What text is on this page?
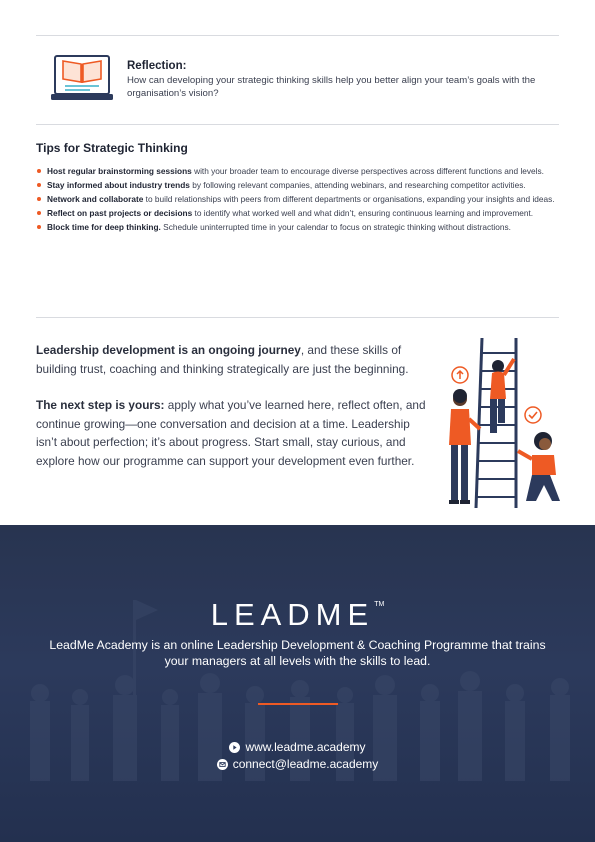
Reflection:
How can developing your strategic thinking skills help you better align your team’s goals with the organisation’s vision?
Tips for Strategic Thinking
Host regular brainstorming sessions with your broader team to encourage diverse perspectives across different functions and levels.
Stay informed about industry trends by following relevant companies, attending webinars, and researching competitor activities.
Network and collaborate to build relationships with peers from different departments or organisations, expanding your insights and ideas.
Reflect on past projects or decisions to identify what worked well and what didn’t, ensuring continuous learning and improvement.
Block time for deep thinking. Schedule uninterrupted time in your calendar to focus on strategic thinking without distractions.

Leadership development is an ongoing journey, and these skills of building trust, coaching and thinking strategically are just the beginning.

The next step is yours: apply what you’ve learned here, reflect often, and continue growing—one conversation and decision at a time. Leadership isn’t about perfection; it’s about progress. Start small, stay curious, and explore how our programme can support your development even further.

LEADME™
LeadMe Academy is an online Leadership Development & Coaching Programme that trains your managers at all levels with the skills to lead.
www.leadme.academy
connect@leadme.academy
